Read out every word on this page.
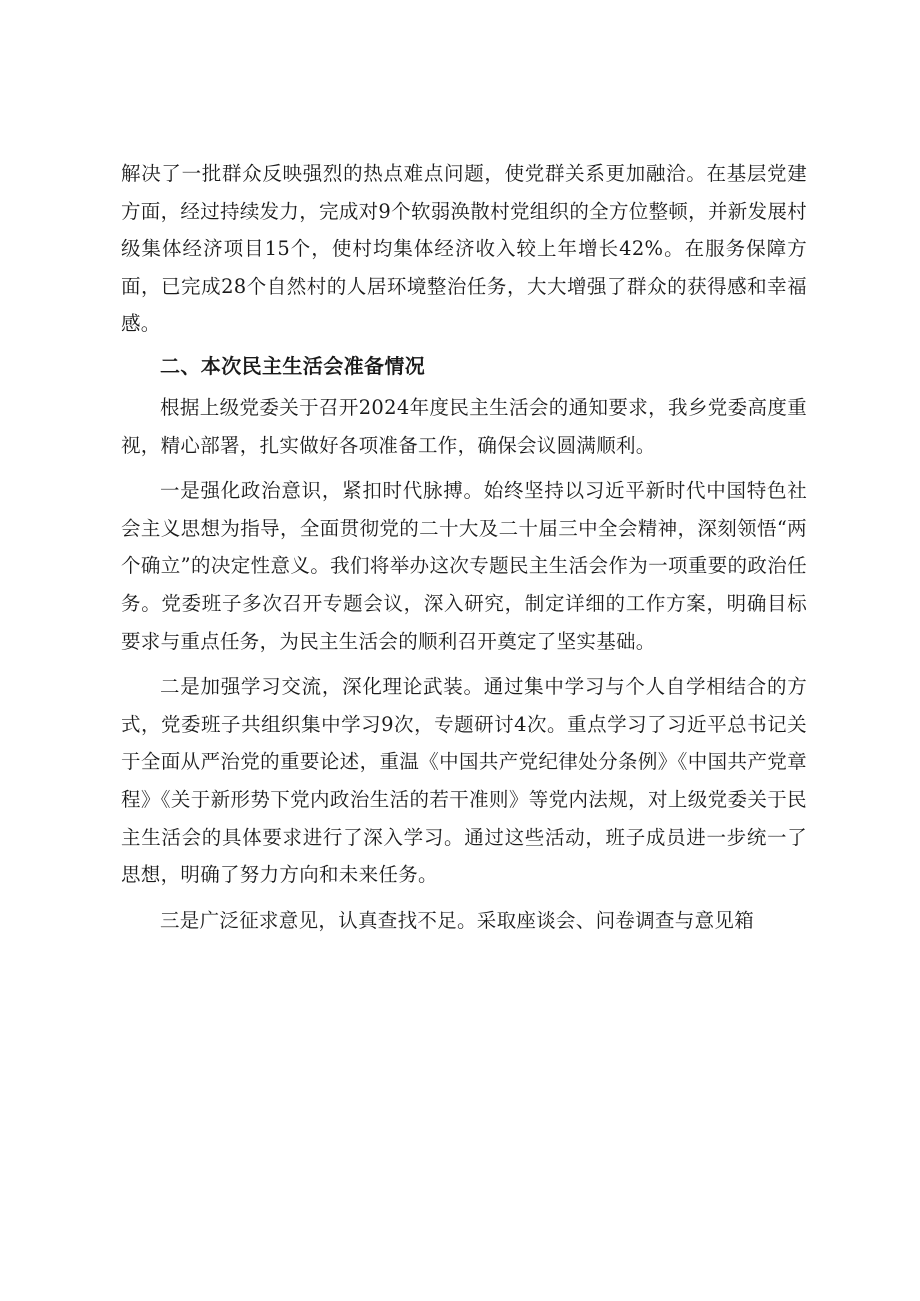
解决了一批群众反映强烈的热点难点问题，使党群关系更加融洽。在基层党建方面，经过持续发力，完成对9个软弱涣散村党组织的全方位整顿，并新发展村级集体经济项目15个，使村均集体经济收入较上年增长42%。在服务保障方面，已完成28个自然村的人居环境整治任务，大大增强了群众的获得感和幸福感。

二、本次民主生活会准备情况

根据上级党委关于召开2024年度民主生活会的通知要求，我乡党委高度重视，精心部署，扎实做好各项准备工作，确保会议圆满顺利。

一是强化政治意识，紧扣时代脉搏。始终坚持以习近平新时代中国特色社会主义思想为指导，全面贯彻党的二十大及二十届三中全会精神，深刻领悟“两个确立”的决定性意义。我们将举办这次专题民主生活会作为一项重要的政治任务。党委班子多次召开专题会议，深入研究，制定详细的工作方案，明确目标要求与重点任务，为民主生活会的顺利召开奠定了坚实基础。

二是加强学习交流，深化理论武装。通过集中学习与个人自学相结合的方式，党委班子共组织集中学习9次，专题研讨4次。重点学习了习近平总书记关于全面从严治党的重要论述，重温《中国共产党纪律处分条例》《中国共产党章程》《关于新形势下党内政治生活的若干准则》等党内法规，对上级党委关于民主生活会的具体要求进行了深入学习。通过这些活动，班子成员进一步统一了思想，明确了努力方向和未来任务。

三是广泛征求意见，认真查找不足。采取座谈会、问卷调查与意见箱
